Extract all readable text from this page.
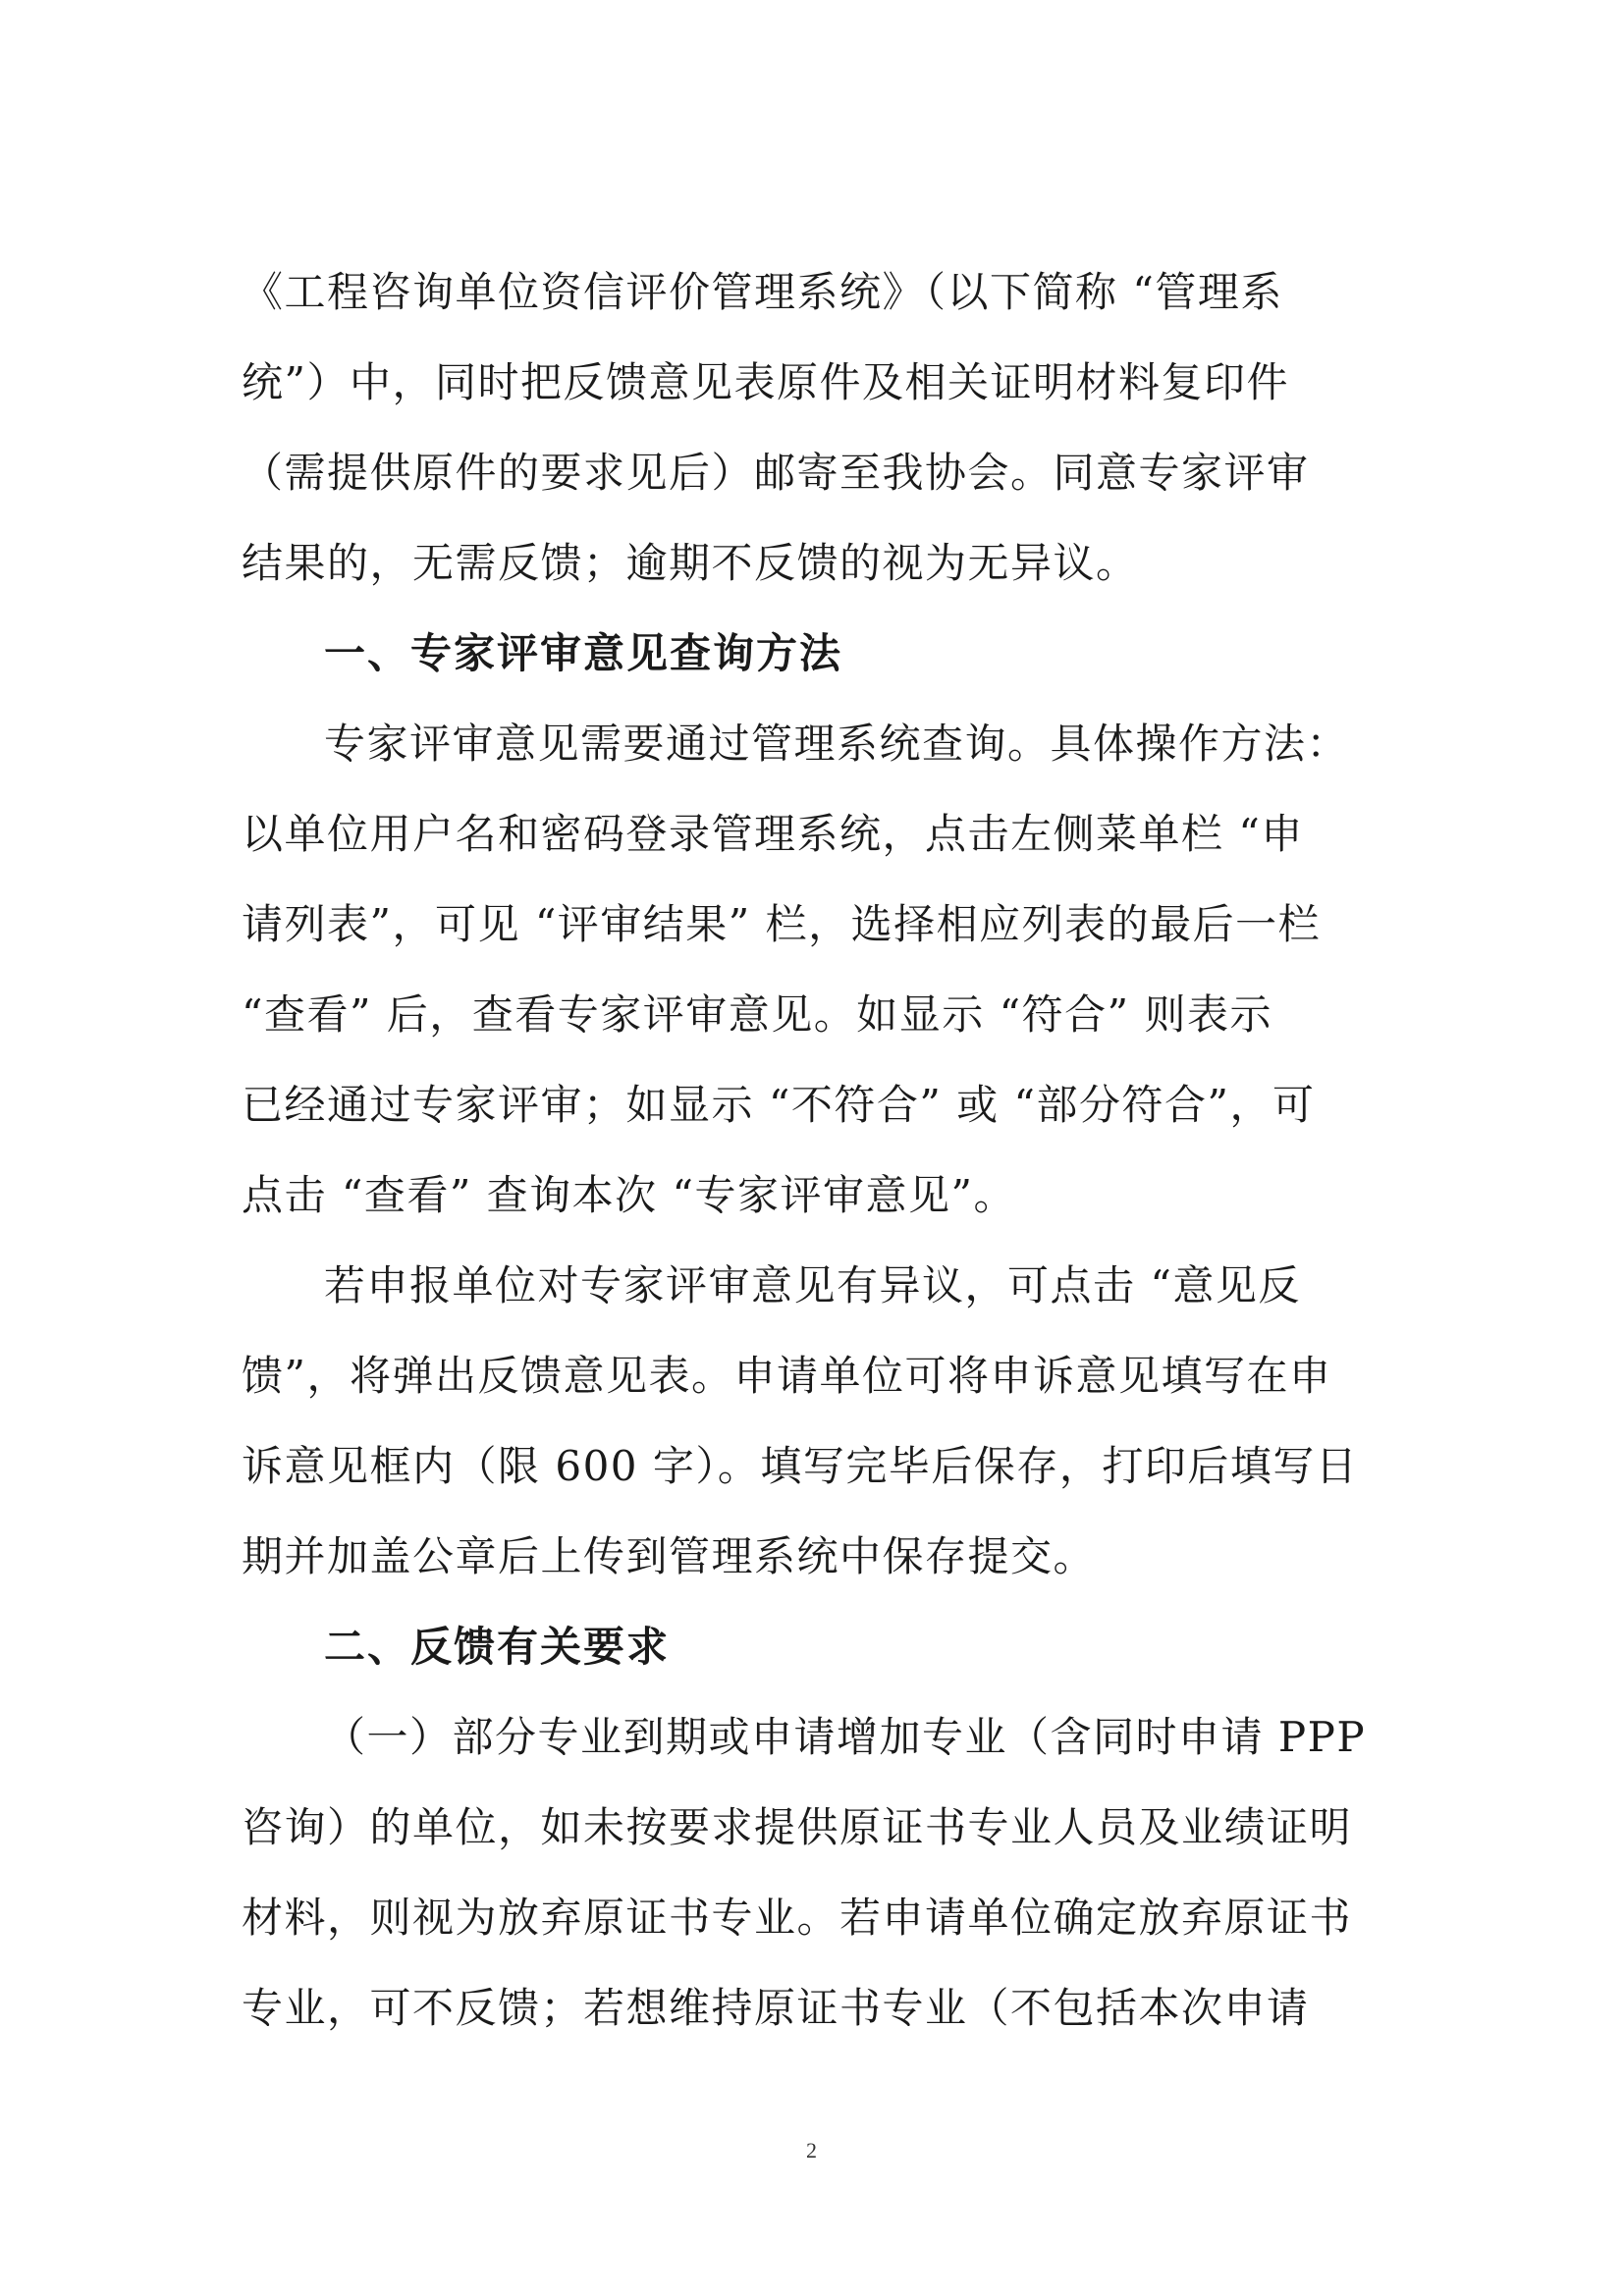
《工程咨询单位资信评价管理系统》（以下简称 “管理系
统”）中，同时把反馈意见表原件及相关证明材料复印件
（需提供原件的要求见后）邮寄至我协会。同意专家评审
结果的，无需反馈；逾期不反馈的视为无异议。
一、专家评审意见查询方法
专家评审意见需要通过管理系统查询。具体操作方法：
以单位用户名和密码登录管理系统，点击左侧菜单栏 “申
请列表”，可见 “评审结果” 栏，选择相应列表的最后一栏
“查看” 后，查看专家评审意见。如显示 “符合” 则表示
已经通过专家评审；如显示 “不符合” 或 “部分符合”，可
点击 “查看” 查询本次 “专家评审意见”。
若申报单位对专家评审意见有异议，可点击 “意见反
馈”，将弹出反馈意见表。申请单位可将申诉意见填写在申
诉意见框内（限 600 字）。填写完毕后保存，打印后填写日
期并加盖公章后上传到管理系统中保存提交。
二、反馈有关要求
（一）部分专业到期或申请增加专业（含同时申请 PPP
咨询）的单位，如未按要求提供原证书专业人员及业绩证明
材料，则视为放弃原证书专业。若申请单位确定放弃原证书
专业，可不反馈；若想维持原证书专业（不包括本次申请
2
